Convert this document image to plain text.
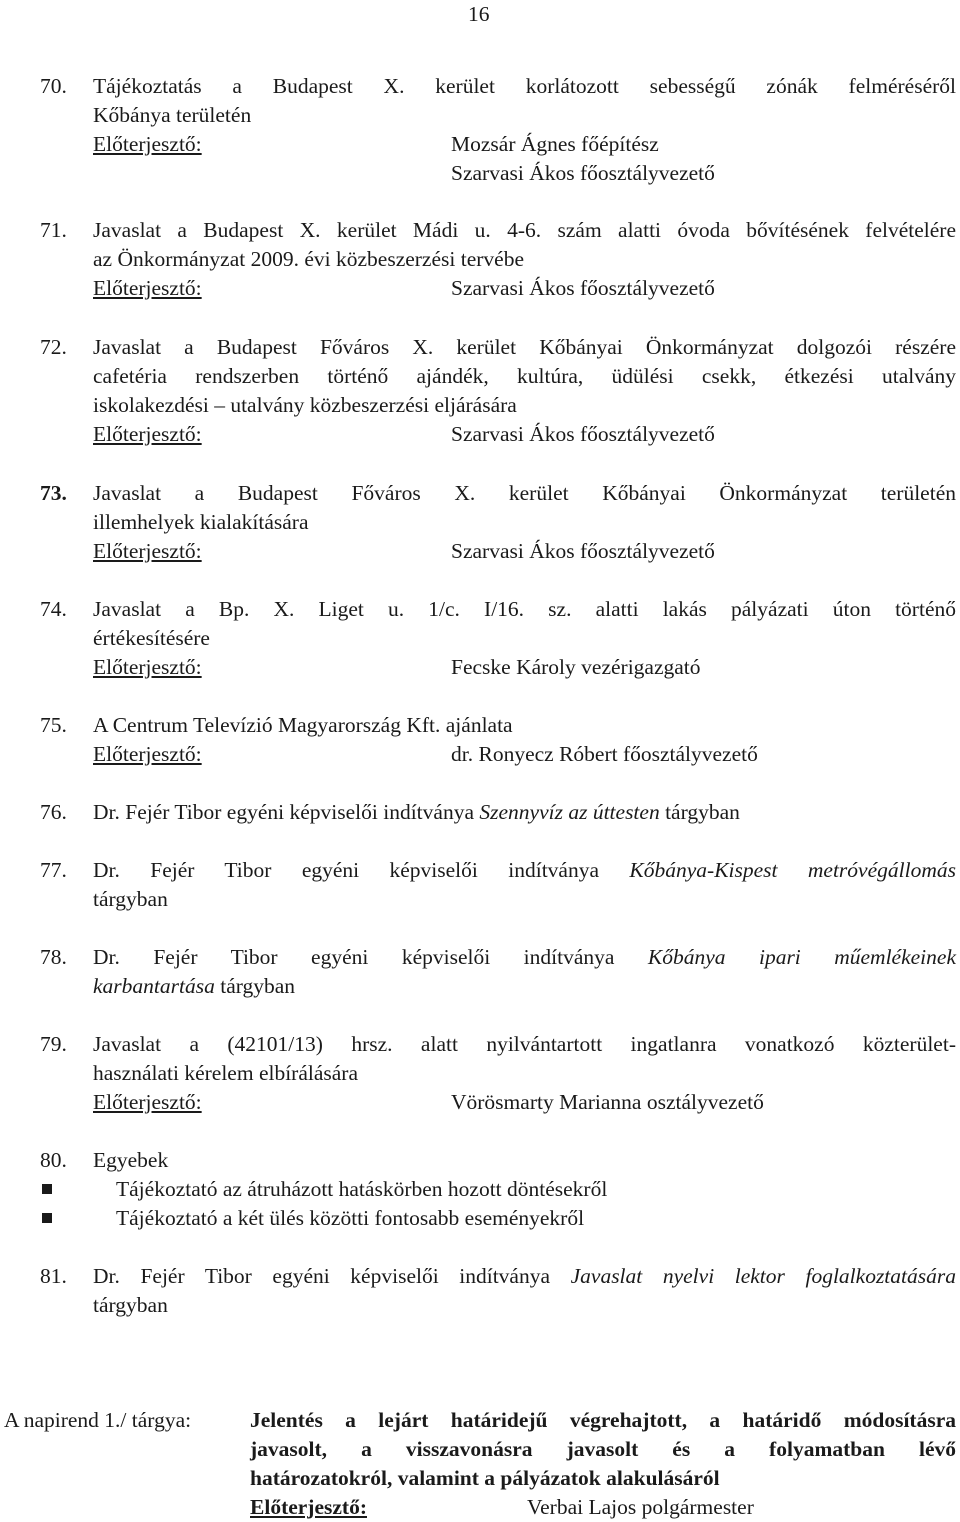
16
70.	Tájékoztatás a Budapest X. kerület korlátozott sebességű zónák felméréséről
Kőbánya területén
Előterjesztő:	Mozsár Ágnes főépítész
Szarvasi Ákos főosztályvezető
71.	Javaslat a Budapest X. kerület Mádi u. 4-6. szám alatti óvoda bővítésének felvételére
az Önkormányzat 2009. évi közbeszerzési tervébe
Előterjesztő:	Szarvasi Ákos főosztályvezető
72.	Javaslat a Budapest Főváros X. kerület Kőbányai Önkormányzat dolgozói részére
cafetéria rendszerben történő ajándék, kultúra, üdülési csekk, étkezési utalvány
iskolakezdési – utalvány közbeszerzési eljárására
Előterjesztő:	Szarvasi Ákos főosztályvezető
73.	Javaslat a Budapest Főváros X. kerület Kőbányai Önkormányzat területén
illemhelyek kialakítására
Előterjesztő:	Szarvasi Ákos főosztályvezető
74.	Javaslat a Bp. X. Liget u. 1/c. I/16. sz. alatti lakás pályázati úton történő
értékesítésére
Előterjesztő:	Fecske Károly vezérigazgató
75.	A Centrum Televízió Magyarország Kft. ajánlata
Előterjesztő:	dr. Ronyecz Róbert főosztályvezető
76.	Dr. Fejér Tibor egyéni képviselői indítványa Szennyvíz az úttesten tárgyban
77.	Dr. Fejér Tibor egyéni képviselői indítványa Kőbánya-Kispest metróvégállomás
tárgyban
78.	Dr. Fejér Tibor egyéni képviselői indítványa Kőbánya ipari műemlékeinek
karbantartása tárgyban
79.	Javaslat a (42101/13) hrsz. alatt nyilvántartott ingatlanra vonatkozó közterület-
használati kérelem elbírálására
Előterjesztő:	Vörösmarty Marianna osztályvezető
80.	Egyebek
Tájékoztató az átruházott hatáskörben hozott döntésekről
Tájékoztató a két ülés közötti fontosabb eseményekről
81.	Dr. Fejér Tibor egyéni képviselői indítványa Javaslat nyelvi lektor foglalkoztatására
tárgyban
A napirend 1./ tárgya:	Jelentés a lejárt határidejű végrehajtott, a határidő módosításra
javasolt, a visszavonásra javasolt és a folyamatban lévő
határozatokról, valamint a pályázatok alakulásáról
Előterjesztő:	Verbai Lajos polgármester
